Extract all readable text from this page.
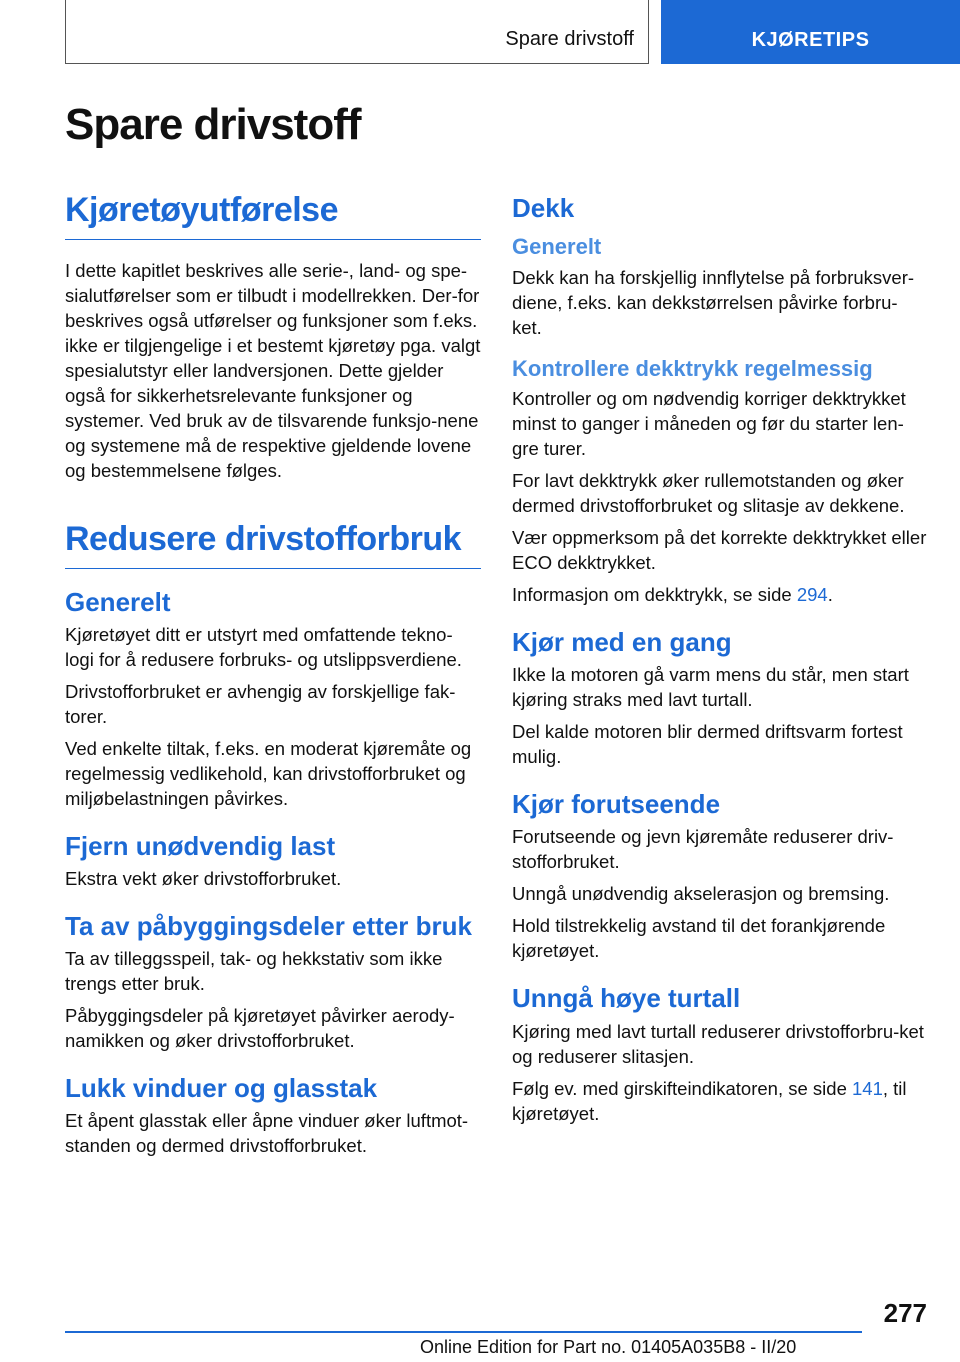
Spare drivstoff	KJØRETIPS
Spare drivstoff
Kjøretøyutførelse

I dette kapitlet beskrives alle serie-, land- og spe-sialutførelser som er tilbudt i modellrekken. Der-for beskrives også utførelser og funksjoner som f.eks. ikke er tilgjengelige i et bestemt kjøretøy pga. valgt spesialutstyr eller landversjonen. Dette gjelder også for sikkerhetsrelevante funksjoner og systemer. Ved bruk av de tilsvarende funksjo-nene og systemene må de respektive gjeldende lovene og bestemmelsene følges.

Redusere drivstofforbruk
Generelt

Kjøretøyet ditt er utstyrt med omfattende tekno-logi for å redusere forbruks- og utslippsverdiene.

Drivstofforbruket er avhengig av forskjellige fak-torer.

Ved enkelte tiltak, f.eks. en moderat kjøremåte og regelmessig vedlikehold, kan drivstofforbruket og miljøbelastningen påvirkes.

Fjern unødvendig last

Ekstra vekt øker drivstofforbruket.

Ta av påbyggingsdeler etter bruk

Ta av tilleggsspeil, tak- og hekkstativ som ikke trengs etter bruk.

Påbyggingsdeler på kjøretøyet påvirker aerody-namikken og øker drivstofforbruket.

Lukk vinduer og glasstak

Et åpent glasstak eller åpne vinduer øker luftmot-standen og dermed drivstofforbruket.

Dekk
Generelt

Dekk kan ha forskjellig innflytelse på forbruksver-diene, f.eks. kan dekkstørrelsen påvirke forbru-ket.

Kontrollere dekktrykk regelmessig

Kontroller og om nødvendig korriger dekktrykket minst to ganger i måneden og før du starter len-gre turer.

For lavt dekktrykk øker rullemotstanden og øker dermed drivstofforbruket og slitasje av dekkene.

Vær oppmerksom på det korrekte dekktrykket eller ECO dekktrykket.

Informasjon om dekktrykk, se side 294.

Kjør med en gang

Ikke la motoren gå varm mens du står, men start kjøring straks med lavt turtall.

Del kalde motoren blir dermed driftsvarm fortest mulig.

Kjør forutseende

Forutseende og jevn kjøremåte reduserer driv-stofforbruket.

Unngå unødvendig akselerasjon og bremsing.

Hold tilstrekkelig avstand til det forankjørende kjøretøyet.

Unngå høye turtall

Kjøring med lavt turtall reduserer drivstofforbru-ket og reduserer slitasjen.

Følg ev. med girskifteindikatoren, se side 141, til kjøretøyet.

277
Online Edition for Part no. 01405A035B8 - II/20
